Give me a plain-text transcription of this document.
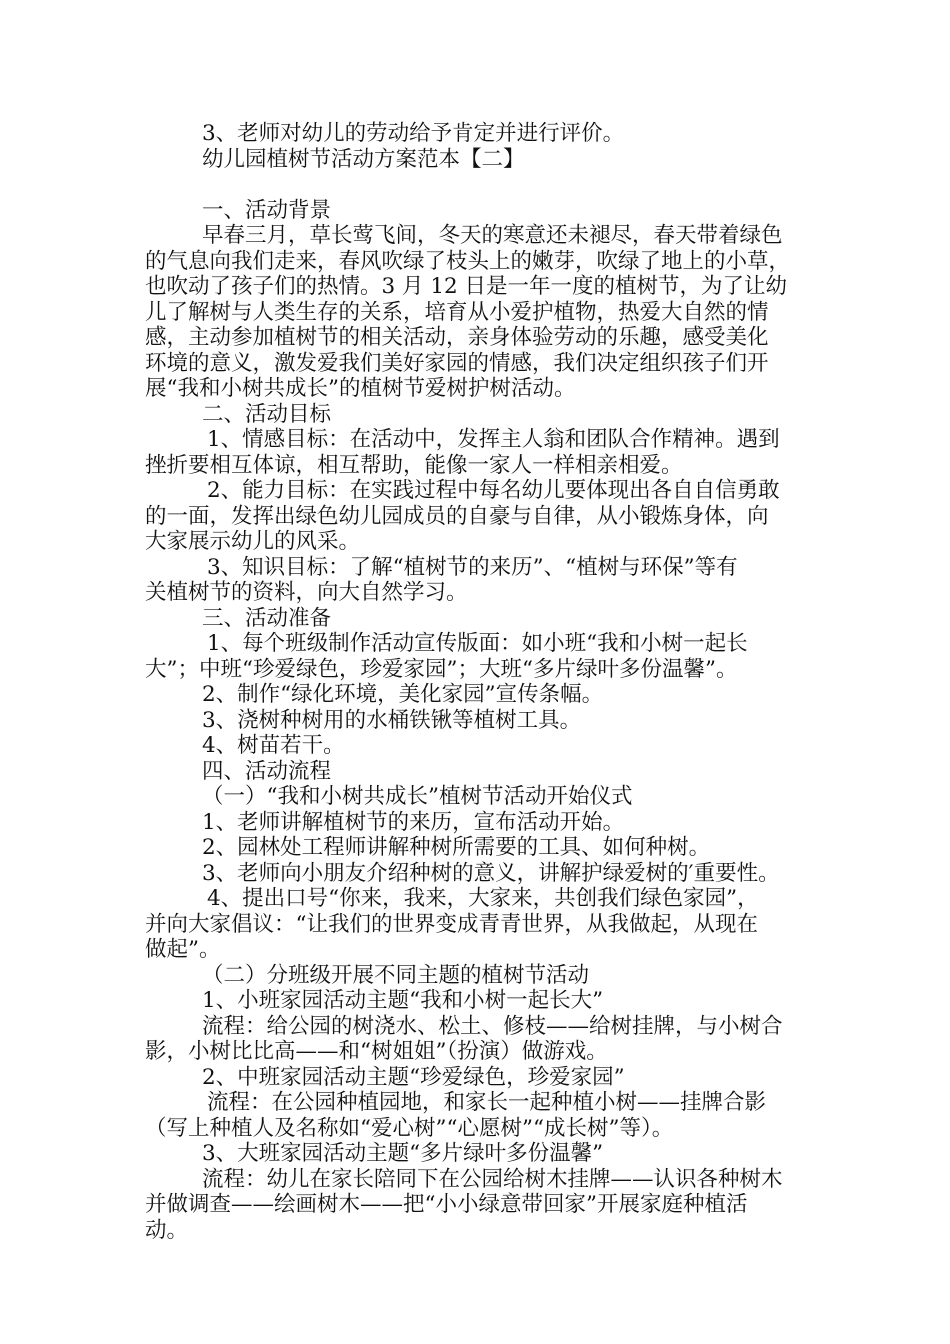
3、老师对幼儿的劳动给予肯定并进行评价。
幼儿园植树节活动方案范本【二】
一、活动背景
早春三月，草长莺飞间，冬天的寒意还未褪尽，春天带着绿色
的气息向我们走来，春风吹绿了枝头上的嫩芽，吹绿了地上的小草，
也吹动了孩子们的热情。3 月 12 日是一年一度的植树节，为了让幼
儿了解树与人类生存的关系，培育从小爱护植物，热爱大自然的情
感，主动参加植树节的相关活动，亲身体验劳动的乐趣，感受美化
环境的意义，激发爱我们美好家园的情感，我们决定组织孩子们开
展“我和小树共成长”的植树节爱树护树活动。
二、活动目标
1、情感目标：在活动中，发挥主人翁和团队合作精神。遇到
挫折要相互体谅，相互帮助，能像一家人一样相亲相爱。
2、能力目标：在实践过程中每名幼儿要体现出各自自信勇敢
的一面，发挥出绿色幼儿园成员的自豪与自律，从小锻炼身体，向
大家展示幼儿的风采。
3、知识目标：了解“植树节的来历”、“植树与环保”等有
关植树节的资料，向大自然学习。
三、活动准备
1、每个班级制作活动宣传版面：如小班“我和小树一起长
大”；中班“珍爱绿色，珍爱家园”；大班“多片绿叶多份温馨”。
2、制作“绿化环境，美化家园”宣传条幅。
3、浇树种树用的水桶铁锹等植树工具。
4、树苗若干。
四、活动流程
（一）“我和小树共成长”植树节活动开始仪式
1、老师讲解植树节的来历，宣布活动开始。
2、园林处工程师讲解种树所需要的工具、如何种树。
3、老师向小朋友介绍种树的意义，讲解护绿爱树的′重要性。
4、提出口号“你来，我来，大家来，共创我们绿色家园”，
并向大家倡议：“让我们的世界变成青青世界，从我做起，从现在
做起”。
（二）分班级开展不同主题的植树节活动
1、小班家园活动主题“我和小树一起长大”
流程：给公园的树浇水、松土、修枝——给树挂牌，与小树合
影，小树比比高——和“树姐姐”（扮演）做游戏。
2、中班家园活动主题“珍爱绿色，珍爱家园”
流程：在公园种植园地，和家长一起种植小树——挂牌合影
（写上种植人及名称如“爱心树”“心愿树”“成长树”等）。
3、大班家园活动主题“多片绿叶多份温馨”
流程：幼儿在家长陪同下在公园给树木挂牌——认识各种树木
并做调查——绘画树木——把“小小绿意带回家”开展家庭种植活
动。
